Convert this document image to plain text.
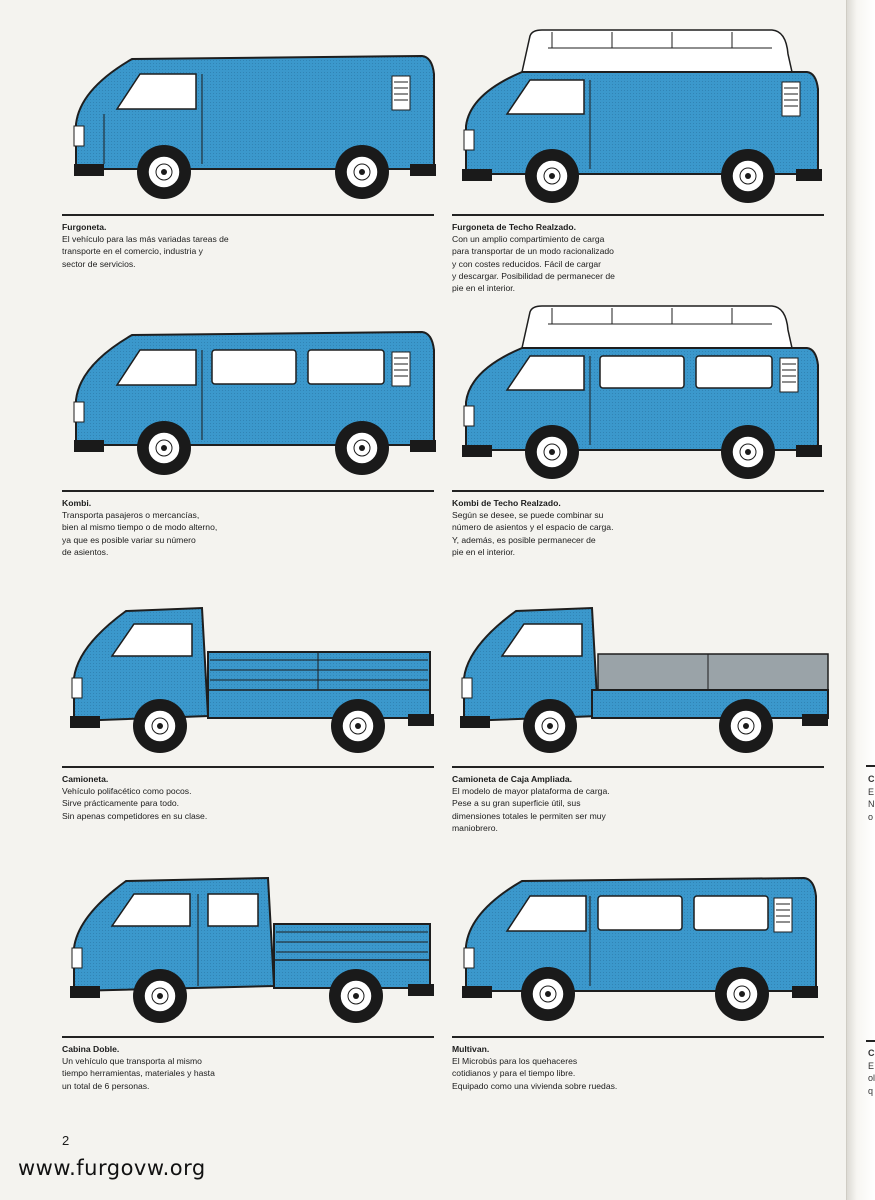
Furgoneta.
El vehículo para las más variadas tareas de
transporte en el comercio, industria y
sector de servicios.
Furgoneta de Techo Realzado.
Con un amplio compartimiento de carga
para transportar de un modo racionalizado
y con costes reducidos. Fácil de cargar
y descargar. Posibilidad de permanecer de
pie en el interior.
Kombi.
Transporta pasajeros o mercancías,
bien al mismo tiempo o de modo alterno,
ya que es posible variar su número
de asientos.
Kombi de Techo Realzado.
Según se desee, se puede combinar su
número de asientos y el espacio de carga.
Y, además, es posible permanecer de
pie en el interior.
Camioneta.
Vehículo polifacético como pocos.
Sirve prácticamente para todo.
Sin apenas competidores en su clase.
Camioneta de Caja Ampliada.
El modelo de mayor plataforma de carga.
Pese a su gran superficie útil, sus
dimensiones totales le permiten ser muy
maniobrero.
Cabina Doble.
Un vehículo que transporta al mismo
tiempo herramientas, materiales y hasta
un total de 6 personas.
Multivan.
El Microbús para los quehaceres
cotidianos y para el tiempo libre.
Equipado como una vivienda sobre ruedas.
C
E
N
o
C
E
ol
q
2
www.furgovw.org
